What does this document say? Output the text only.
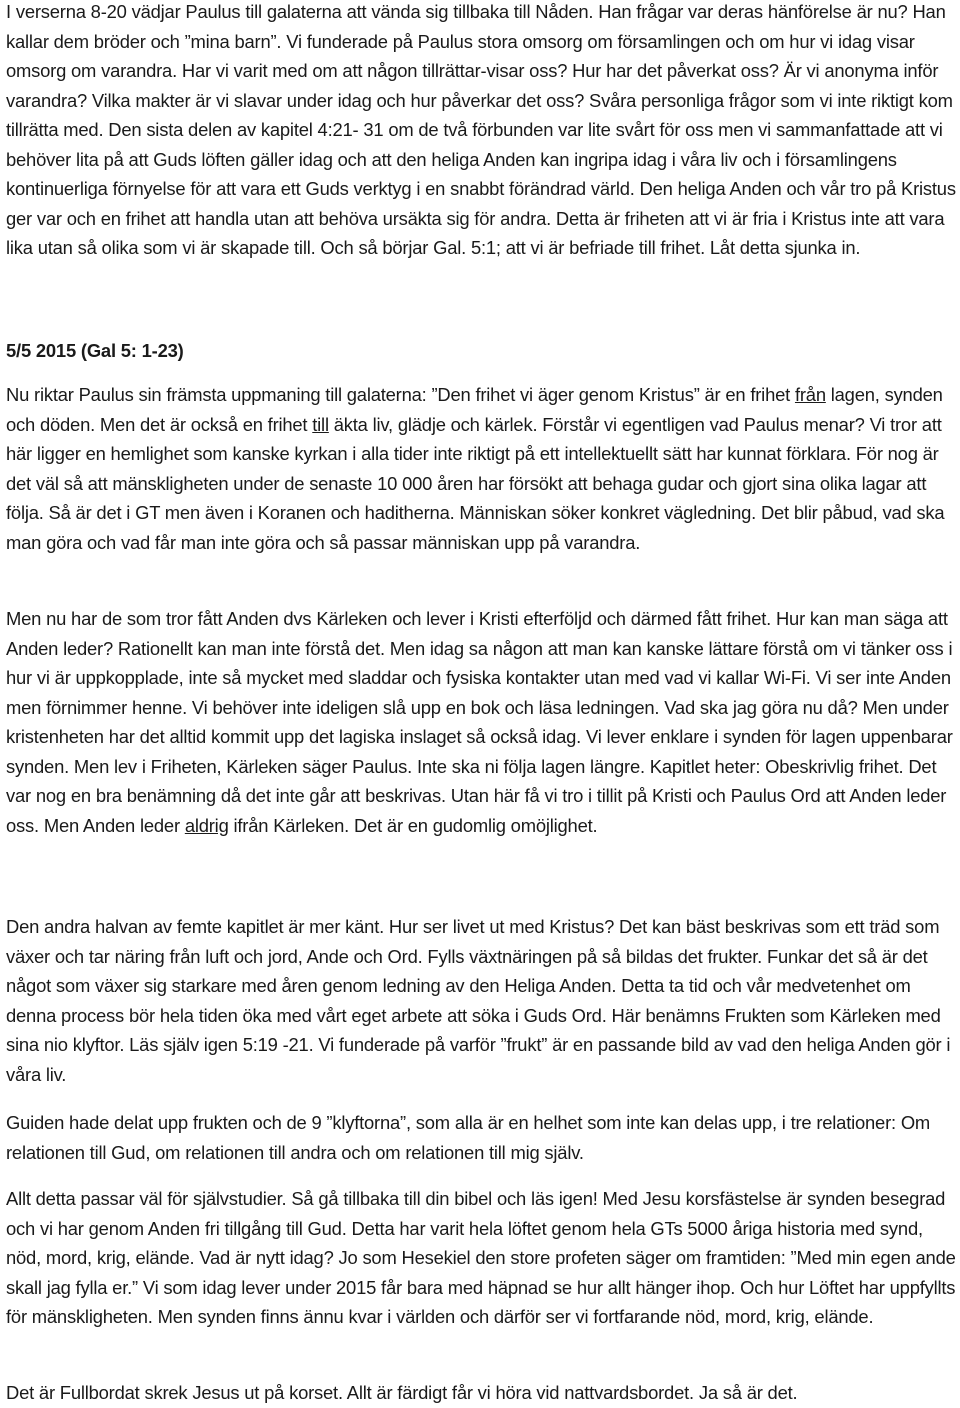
I verserna 8-20 vädjar Paulus till galaterna att vända sig tillbaka till Nåden. Han frågar var deras hänförelse är nu? Han kallar dem bröder och ”mina barn”. Vi funderade på Paulus stora omsorg om församlingen och om hur vi idag visar omsorg om varandra. Har vi varit med om att någon tillrättar-visar oss? Hur har det påverkat oss? Är vi anonyma inför varandra? Vilka makter är vi slavar under idag och hur påverkar det oss? Svåra personliga frågor som vi inte riktigt kom tillrätta med. Den sista delen av kapitel 4:21- 31 om de två förbunden var lite svårt för oss men vi sammanfattade att vi behöver lita på att Guds löften gäller idag och att den heliga Anden kan ingripa idag i våra liv och i församlingens kontinuerliga förnyelse för att vara ett Guds verktyg i en snabbt förändrad värld. Den heliga Anden och vår tro på Kristus ger var och en frihet att handla utan att behöva ursäkta sig för andra. Detta är friheten att vi är fria i Kristus inte att vara lika utan så olika som vi är skapade till. Och så börjar Gal. 5:1; att vi är befriade till frihet. Låt detta sjunka in.

5/5 2015 (Gal 5: 1-23)

Nu riktar Paulus sin främsta uppmaning till galaterna: ”Den frihet vi äger genom Kristus” är en frihet från lagen, synden och döden. Men det är också en frihet till äkta liv, glädje och kärlek. Förstår vi egentligen vad Paulus menar? Vi tror att här ligger en hemlighet som kanske kyrkan i alla tider inte riktigt på ett intellektuellt sätt har kunnat förklara. För nog är det väl så att mänskligheten under de senaste 10 000 åren har försökt att behaga gudar och gjort sina olika lagar att följa. Så är det i GT men även i Koranen och haditherna. Människan söker konkret vägledning. Det blir påbud, vad ska man göra och vad får man inte göra och så passar människan upp på varandra.

Men nu har de som tror fått Anden dvs Kärleken och lever i Kristi efterföljd och därmed fått frihet. Hur kan man säga att Anden leder? Rationellt kan man inte förstå det. Men idag sa någon att man kan kanske lättare förstå om vi tänker oss i hur vi är uppkopplade, inte så mycket med sladdar och fysiska kontakter utan med vad vi kallar Wi-Fi. Vi ser inte Anden men förnimmer henne. Vi behöver inte ideligen slå upp en bok och läsa ledningen. Vad ska jag göra nu då? Men under kristenheten har det alltid kommit upp det lagiska inslaget så också idag. Vi lever enklare i synden för lagen uppenbarar synden. Men lev i Friheten, Kärleken säger Paulus. Inte ska ni följa lagen längre. Kapitlet heter: Obeskrivlig frihet. Det var nog en bra benämning då det inte går att beskrivas. Utan här få vi tro i tillit på Kristi och Paulus Ord att Anden leder oss. Men Anden leder aldrig ifrån Kärleken. Det är en gudomlig omöjlighet.

Den andra halvan av femte kapitlet är mer känt. Hur ser livet ut med Kristus? Det kan bäst beskrivas som ett träd som växer och tar näring från luft och jord, Ande och Ord. Fylls växtnäringen på så bildas det frukter. Funkar det så är det något som växer sig starkare med åren genom ledning av den Heliga Anden. Detta ta tid och vår medvetenhet om denna process bör hela tiden öka med vårt eget arbete att söka i Guds Ord. Här benämns Frukten som Kärleken med sina nio klyftor. Läs själv igen 5:19 -21. Vi funderade på varför ”frukt” är en passande bild av vad den heliga Anden gör i våra liv.

Guiden hade delat upp frukten och de 9 ”klyftorna”, som alla är en helhet som inte kan delas upp, i tre relationer: Om relationen till Gud, om relationen till andra och om relationen till mig själv.

Allt detta passar väl för självstudier. Så gå tillbaka till din bibel och läs igen! Med Jesu korsfästelse är synden besegrad och vi har genom Anden fri tillgång till Gud. Detta har varit hela löftet genom hela GTs 5000 åriga historia med synd, nöd, mord, krig, elände. Vad är nytt idag? Jo som Hesekiel den store profeten säger om framtiden: ”Med min egen ande skall jag fylla er.” Vi som idag lever under 2015 får bara med häpnad se hur allt hänger ihop. Och hur Löftet har uppfyllts för mänskligheten. Men synden finns ännu kvar i världen och därför ser vi fortfarande nöd, mord, krig, elände.

Det är Fullbordat skrek Jesus ut på korset. Allt är färdigt får vi höra vid nattvardsbordet. Ja så är det.
